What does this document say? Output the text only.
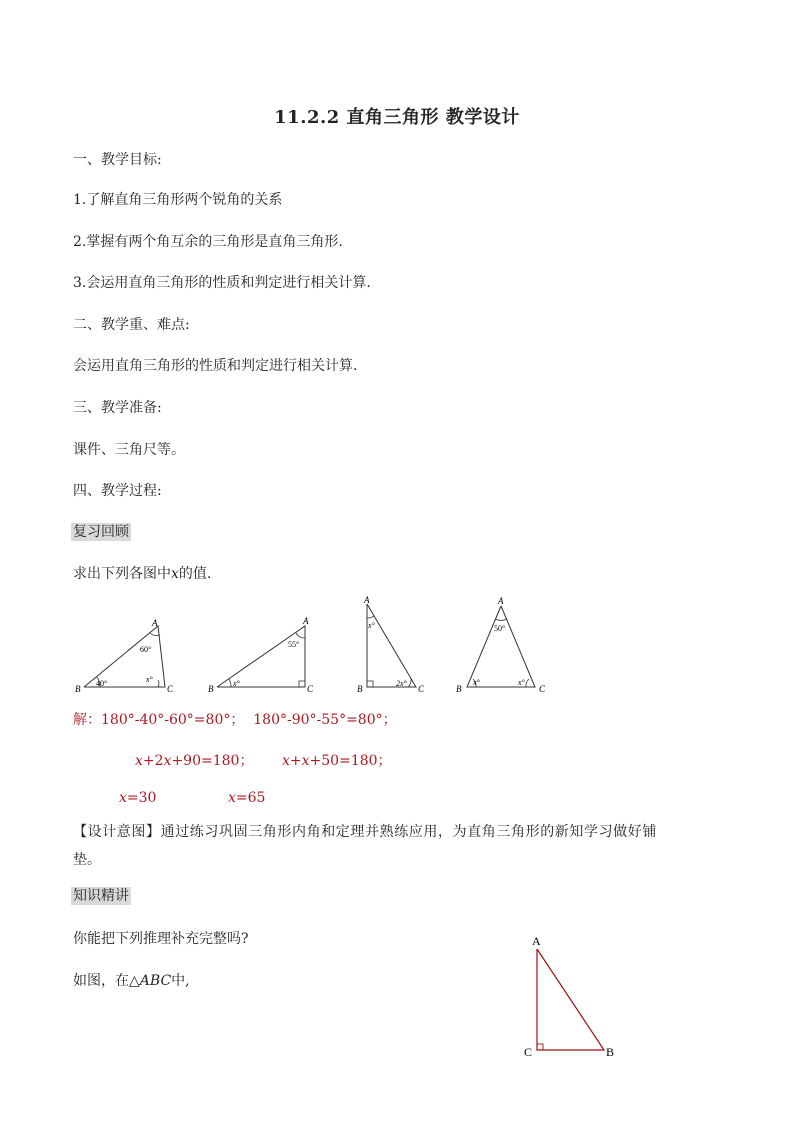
11.2.2 直角三角形 教学设计
一、教学目标:
1.了解直角三角形两个锐角的关系
2.掌握有两个角互余的三角形是直角三角形.
3.会运用直角三角形的性质和判定进行相关计算.
二、教学重、难点:
会运用直角三角形的性质和判定进行相关计算.
三、教学准备:
课件、三角尺等。
四、教学过程:
复习回顾
求出下列各图中x的值.
A
B	C
60°
40°	x°
A
B	C
55°
x°
A
B	C
x°
2x°
A
B	C
50°
x°	x°
解：180°-40°-60°=80°； 180°-90°-55°=80°；
x+2x+90=180； x+x+50=180；
x=30	x=65
【设计意图】通过练习巩固三角形内角和定理并熟练应用，为直角三角形的新知学习做好铺
垫。
知识精讲
你能把下列推理补充完整吗?
如图，在△ABC中,
A
C	B
